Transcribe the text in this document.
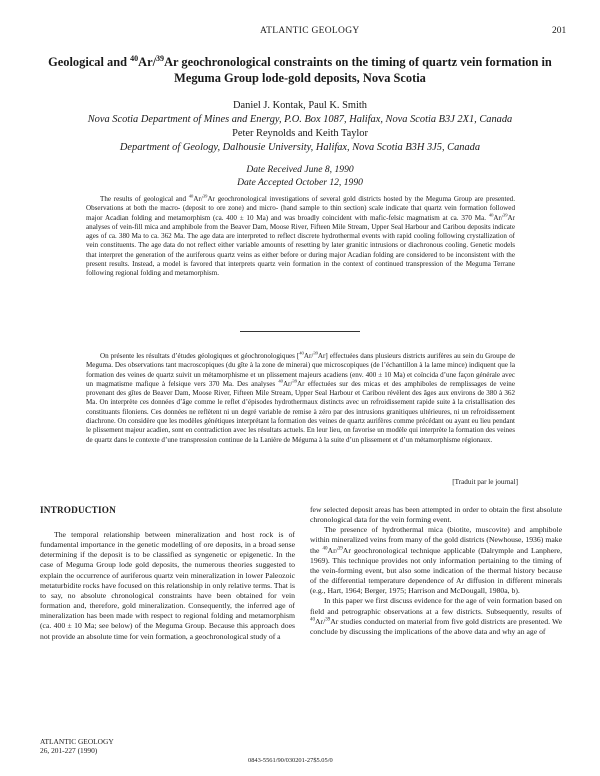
ATLANTIC GEOLOGY	201
Geological and $^{40}$Ar/$^{39}$Ar geochronological constraints on the timing of quartz vein formation in Meguma Group lode-gold deposits, Nova Scotia
Daniel J. Kontak, Paul K. Smith
Nova Scotia Department of Mines and Energy, P.O. Box 1087, Halifax, Nova Scotia B3J 2X1, Canada
Peter Reynolds and Keith Taylor
Department of Geology, Dalhousie University, Halifax, Nova Scotia B3H 3J5, Canada
Date Received June 8, 1990
Date Accepted October 12, 1990

The results of geological and $^{40}$Ar/$^{39}$Ar geochronological investigations of several gold districts hosted by the Meguma Group are presented. Observations at both the macro- (deposit to ore zone) and micro- (hand sample to thin section) scale indicate that quartz vein formation followed major Acadian folding and metamorphism (ca. 400 ± 10 Ma) and was broadly coincident with mafic-felsic magmatism at ca. 370 Ma. $^{40}$Ar/$^{39}$Ar analyses of vein-fill mica and amphibole from the Beaver Dam, Moose River, Fifteen Mile Stream, Upper Seal Harbour and Caribou deposits indicate ages of ca. 380 Ma to ca. 362 Ma. The age data are interpreted to reflect discrete hydrothermal events with rapid cooling following crystallization of vein constituents. The age data do not reflect either variable amounts of resetting by later granitic intrusions or diachronous cooling. Genetic models that interpret the generation of the auriferous quartz veins as either before or during major Acadian folding are considered to be inconsistent with the present results. Instead, a model is favored that interprets quartz vein formation in the context of continued transpression of the Meguma Terrane following regional folding and metamorphism.

On présente les résultats d’études géologiques et géochronologiques [$^{40}$Ar/$^{39}$Ar] effectuées dans plusieurs districts aurifères au sein du Groupe de Meguma. Des observations tant macroscopiques (du gîte à la zone de minerai) que microscopiques (de l’échantillon à la lame mince) indiquent que la formation des veines de quartz suivit un métamorphisme et un plissement majeurs acadiens (env. 400 ± 10 Ma) et coïncida d’une façon générale avec un magmatisme mafique à felsique vers 370 Ma. Des analyses $^{40}$Ar/$^{39}$Ar effectuées sur des micas et des amphiboles de remplissages de veine provenant des gîtes de Beaver Dam, Moose River, Fifteen Mile Stream, Upper Seal Harbour et Caribou révèlent des âges aux environs de 380 à 362 Ma. On interprète ces données d’âge comme le reflet d’épisodes hydrothermaux distincts avec un refroidissement rapide suite à la cristallisation des constituants filoniens. Ces données ne reflètent ni un degré variable de remise à zéro par des intrusions granitiques ultérieures, ni un refroidissement diachrone. On considère que les modèles génétiques interprétant la formation des veines de quartz aurifères comme précédant ou ayant eu lieu pendant le plissement majeur acadien, sont en contradiction avec les résultats actuels. En leur lieu, on favorise un modèle qui interprète la formation des veines de quartz dans le contexte d’une transpression continue de la Lanière de Méguma à la suite d’un plissement et d’un métamorphisme régionaux.

[Traduit par le journal]
INTRODUCTION

The temporal relationship between mineralization and host rock is of fundamental importance in the genetic modelling of ore deposits, in a broad sense determining if the deposit is to be classified as syngenetic or epigenetic. In the case of Meguma Group lode gold deposits, the numerous theories suggested to explain the occurrence of auriferous quartz vein mineralization in lower Paleozoic metaturbidite rocks have focused on this relationship in only relative terms. That is to say, no absolute chronological constraints have been obtained for vein formation and, therefore, gold mineralization. Consequently, the inferred age of mineralization has been made with respect to regional folding and metamorphism (ca. 400 ± 10 Ma; see below) of the Meguma Group. Because this approach does not provide an absolute time for vein formation, a geochronological study of a

few selected deposit areas has been attempted in order to obtain the first absolute chronological data for the vein forming event.

The presence of hydrothermal mica (biotite, muscovite) and amphibole within mineralized veins from many of the gold districts (Newhouse, 1936) make the $^{40}$Ar/$^{39}$Ar geochronological technique applicable (Dalrymple and Lanphere, 1969). This technique provides not only information pertaining to the timing of the vein-forming event, but also some indication of the thermal history because of the differential temperature dependence of Ar diffusion in different minerals (e.g., Hart, 1964; Berger, 1975; Harrison and McDougall, 1980a, b).

In this paper we first discuss evidence for the age of vein formation based on field and petrographic observations at a few districts. Subsequently, results of $^{40}$Ar/$^{39}$Ar studies conducted on material from five gold districts are presented. We conclude by discussing the implications of the above data and why an age of

ATLANTIC GEOLOGY
26, 201-227 (1990)
0843-5561/90/030201-27$5.05/0
